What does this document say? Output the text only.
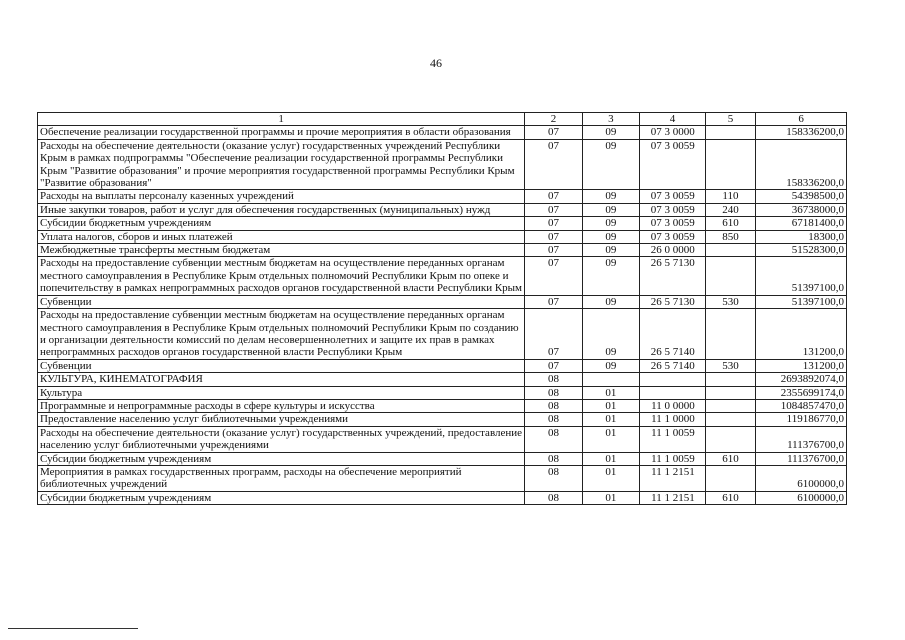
46
1	2	3	4	5	6
Обеспечение реализации государственной программы и прочие мероприятия в области образования	07	09	07 3 0000		158336200,0
Расходы на обеспечение деятельности (оказание услуг) государственных учреждений Республики Крым в рамках подпрограммы "Обеспечение реализации государственной программы Республики Крым "Развитие образования" и прочие мероприятия государственной программы Республики Крым "Развитие образования"	07	09	07 3 0059		158336200,0
Расходы на выплаты персоналу казенных учреждений	07	09	07 3 0059	110	54398500,0
Иные закупки товаров, работ и услуг для обеспечения государственных (муниципальных) нужд	07	09	07 3 0059	240	36738000,0
Субсидии бюджетным учреждениям	07	09	07 3 0059	610	67181400,0
Уплата налогов, сборов и иных платежей	07	09	07 3 0059	850	18300,0
Межбюджетные трансферты местным бюджетам	07	09	26 0 0000		51528300,0
Расходы на предоставление субвенции местным бюджетам на осуществление переданных органам местного самоуправления в Республике Крым отдельных полномочий Республики Крым по опеке и попечительству в рамках непрограммных расходов органов государственной власти Республики Крым	07	09	26 5 7130		51397100,0
Субвенции	07	09	26 5 7130	530	51397100,0
Расходы на предоставление субвенции местным бюджетам на осуществление переданных органам местного самоуправления в Республике Крым отдельных полномочий Республики Крым по созданию и организации деятельности комиссий по делам несовершеннолетних и защите их прав в рамках непрограммных расходов органов государственной власти Республики Крым	07	09	26 5 7140		131200,0
Субвенции	07	09	26 5 7140	530	131200,0
КУЛЬТУРА, КИНЕМАТОГРАФИЯ	08				2693892074,0
Культура	08	01			2355699174,0
Программные и непрограммные расходы в сфере культуры и искусства	08	01	11 0 0000		1084857470,0
Предоставление населению услуг библиотечными учреждениями	08	01	11 1 0000		119186770,0
Расходы на обеспечение деятельности (оказание услуг) государственных учреждений, предоставление населению услуг библиотечными учреждениями	08	01	11 1 0059		111376700,0
Субсидии бюджетным учреждениям	08	01	11 1 0059	610	111376700,0
Мероприятия в рамках государственных программ, расходы на обеспечение мероприятий библиотечных учреждений	08	01	11 1 2151		6100000,0
Субсидии бюджетным учреждениям	08	01	11 1 2151	610	6100000,0
